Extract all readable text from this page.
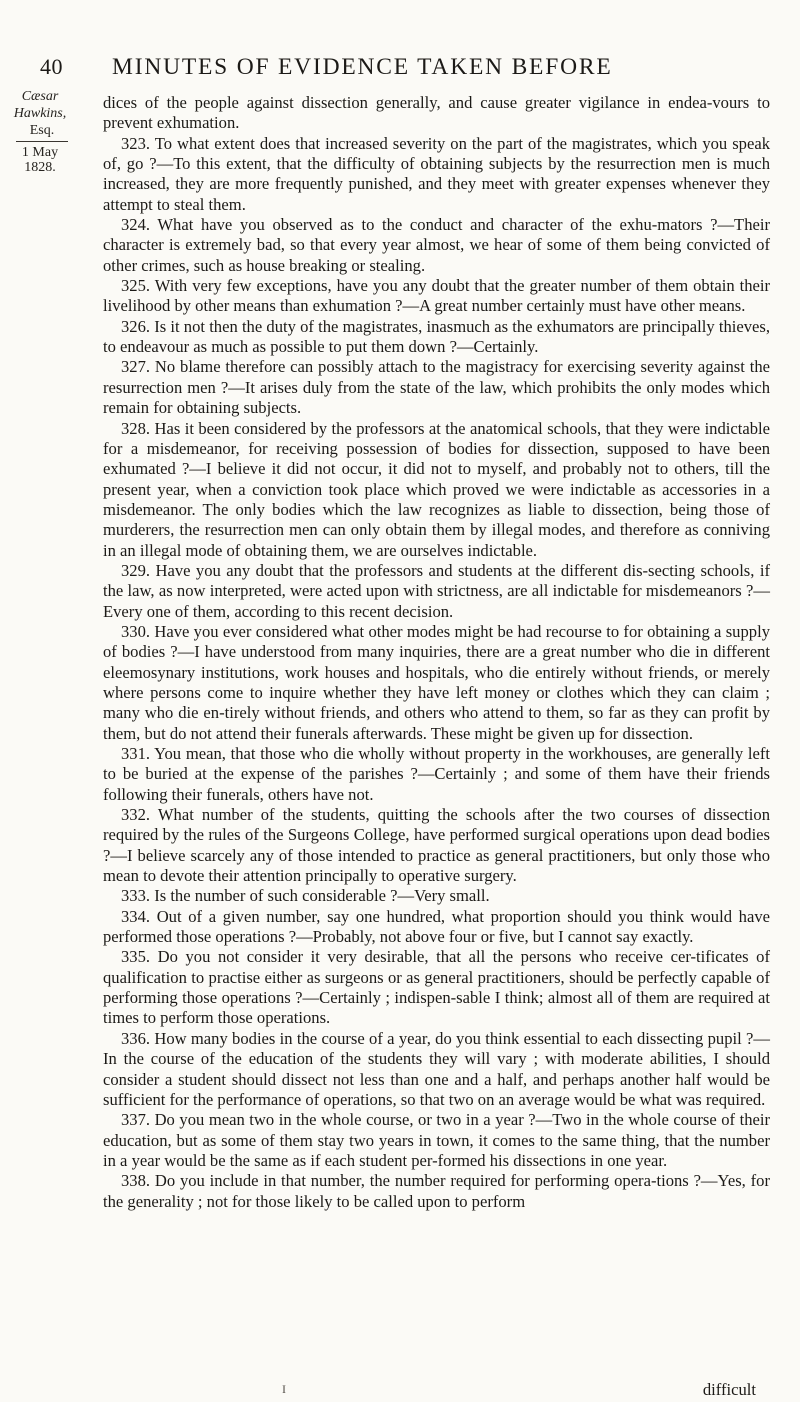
40 MINUTES OF EVIDENCE TAKEN BEFORE
Cæsar Hawkins,
Esq.
1 May
1828.

dices of the people against dissection generally, and cause greater vigilance in endea-vours to prevent exhumation.

323. To what extent does that increased severity on the part of the magistrates, which you speak of, go ?—To this extent, that the difficulty of obtaining subjects by the resurrection men is much increased, they are more frequently punished, and they meet with greater expenses whenever they attempt to steal them.

324. What have you observed as to the conduct and character of the exhu-mators ?—Their character is extremely bad, so that every year almost, we hear of some of them being convicted of other crimes, such as house breaking or stealing.

325. With very few exceptions, have you any doubt that the greater number of them obtain their livelihood by other means than exhumation ?—A great number certainly must have other means.

326. Is it not then the duty of the magistrates, inasmuch as the exhumators are principally thieves, to endeavour as much as possible to put them down ?—Certainly.

327. No blame therefore can possibly attach to the magistracy for exercising severity against the resurrection men ?—It arises duly from the state of the law, which prohibits the only modes which remain for obtaining subjects.

328. Has it been considered by the professors at the anatomical schools, that they were indictable for a misdemeanor, for receiving possession of bodies for dissection, supposed to have been exhumated ?—I believe it did not occur, it did not to myself, and probably not to others, till the present year, when a conviction took place which proved we were indictable as accessories in a misdemeanor. The only bodies which the law recognizes as liable to dissection, being those of murderers, the resurrection men can only obtain them by illegal modes, and therefore as conniving in an illegal mode of obtaining them, we are ourselves indictable.

329. Have you any doubt that the professors and students at the different dis-secting schools, if the law, as now interpreted, were acted upon with strictness, are all indictable for misdemeanors ?—Every one of them, according to this recent decision.

330. Have you ever considered what other modes might be had recourse to for obtaining a supply of bodies ?—I have understood from many inquiries, there are a great number who die in different eleemosynary institutions, work houses and hospitals, who die entirely without friends, or merely where persons come to inquire whether they have left money or clothes which they can claim ; many who die en-tirely without friends, and others who attend to them, so far as they can profit by them, but do not attend their funerals afterwards. These might be given up for dissection.

331. You mean, that those who die wholly without property in the workhouses, are generally left to be buried at the expense of the parishes ?—Certainly ; and some of them have their friends following their funerals, others have not.

332. What number of the students, quitting the schools after the two courses of dissection required by the rules of the Surgeons College, have performed surgical operations upon dead bodies ?—I believe scarcely any of those intended to practice as general practitioners, but only those who mean to devote their attention principally to operative surgery.

333. Is the number of such considerable ?—Very small.

334. Out of a given number, say one hundred, what proportion should you think would have performed those operations ?—Probably, not above four or five, but I cannot say exactly.

335. Do you not consider it very desirable, that all the persons who receive cer-tificates of qualification to practise either as surgeons or as general practitioners, should be perfectly capable of performing those operations ?—Certainly ; indispen-sable I think; almost all of them are required at times to perform those operations.

336. How many bodies in the course of a year, do you think essential to each dissecting pupil ?—In the course of the education of the students they will vary ; with moderate abilities, I should consider a student should dissect not less than one and a half, and perhaps another half would be sufficient for the performance of operations, so that two on an average would be what was required.

337. Do you mean two in the whole course, or two in a year ?—Two in the whole course of their education, but as some of them stay two years in town, it comes to the same thing, that the number in a year would be the same as if each student per-formed his dissections in one year.

338. Do you include in that number, the number required for performing opera-tions ?—Yes, for the generality ; not for those likely to be called upon to perform

I	difficult
